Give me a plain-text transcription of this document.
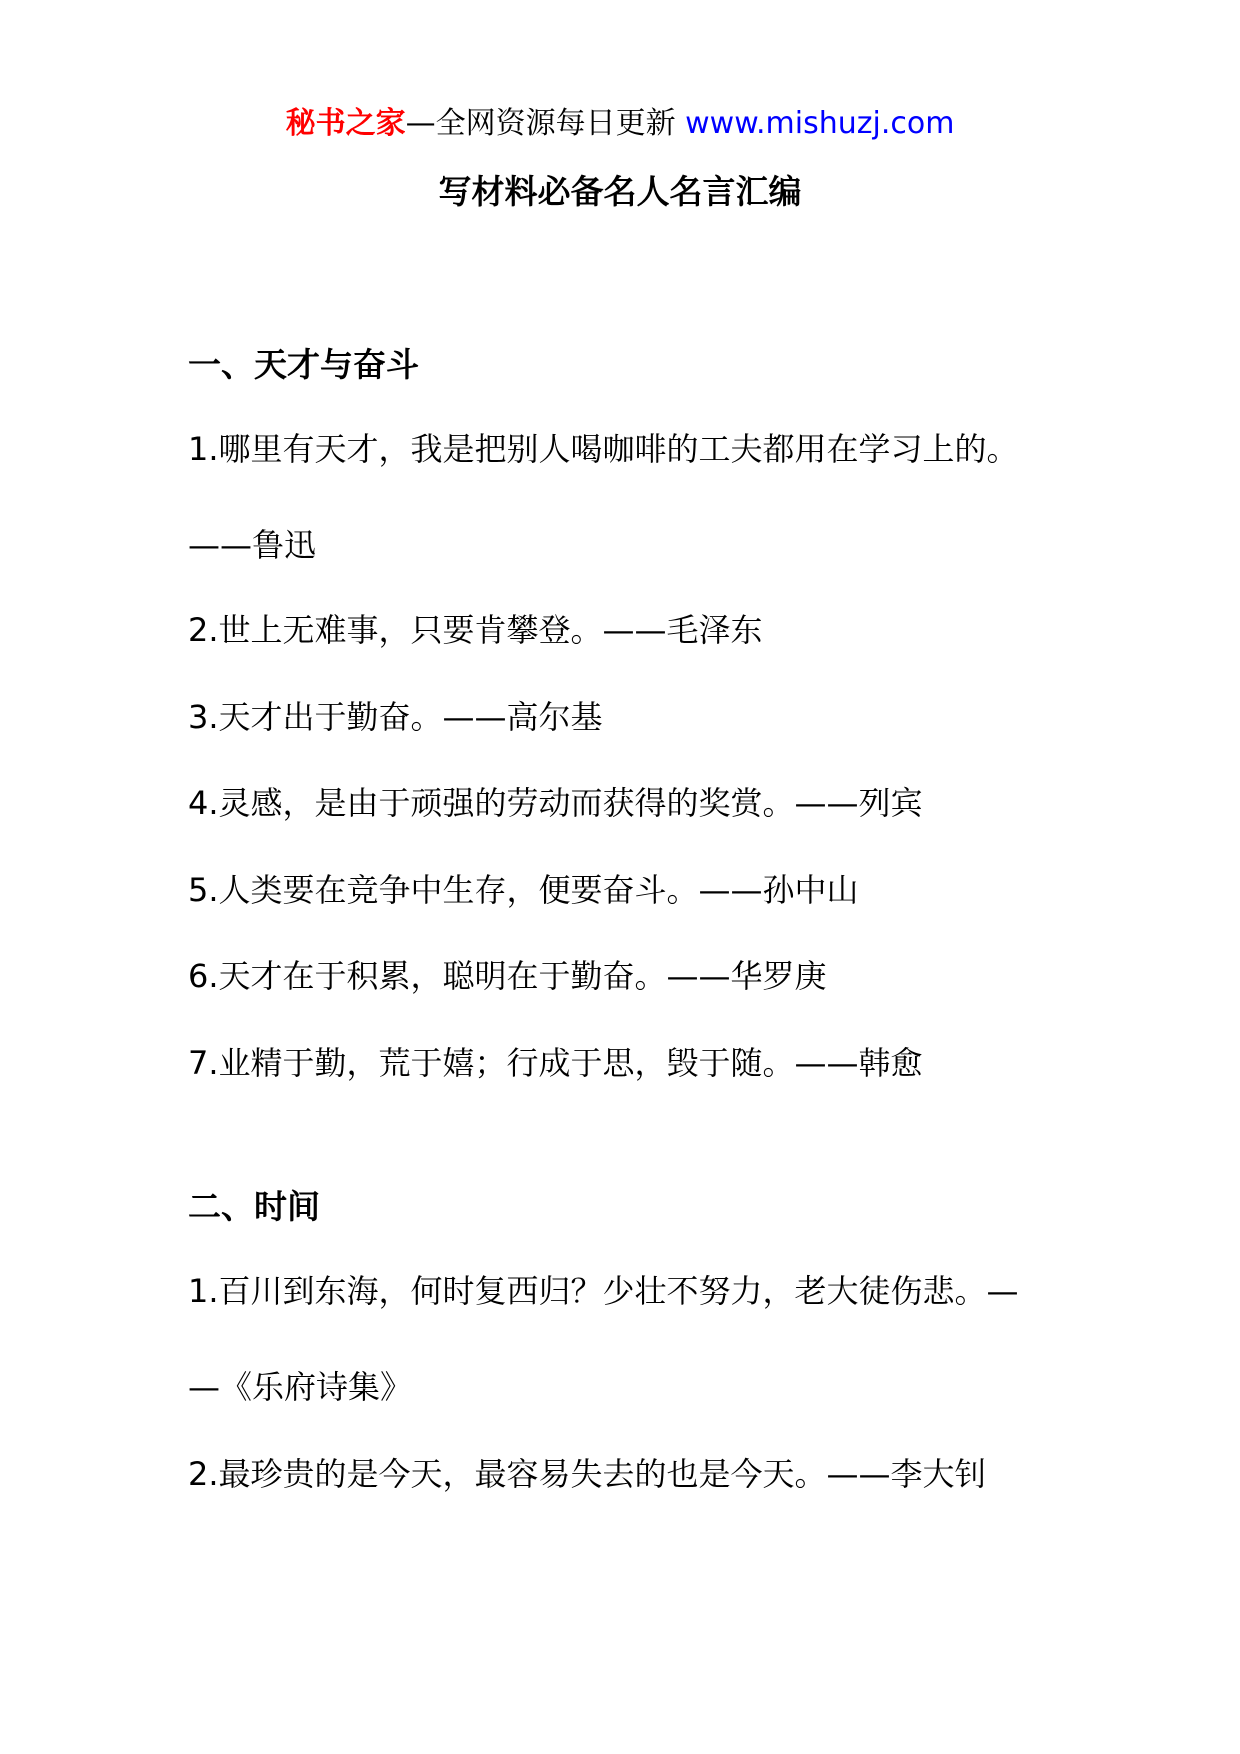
秘书之家—全网资源每日更新 www.mishuzj.com
写材料必备名人名言汇编
一、天才与奋斗
1.哪里有天才，我是把别人喝咖啡的工夫都用在学习上的。
——鲁迅
2.世上无难事，只要肯攀登。——毛泽东
3.天才出于勤奋。——高尔基
4.灵感，是由于顽强的劳动而获得的奖赏。——列宾
5.人类要在竞争中生存，便要奋斗。——孙中山
6.天才在于积累，聪明在于勤奋。——华罗庚
7.业精于勤，荒于嬉；行成于思，毁于随。——韩愈
二、时间
1.百川到东海，何时复西归？少壮不努力，老大徒伤悲。—
—《乐府诗集》
2.最珍贵的是今天，最容易失去的也是今天。——李大钊
